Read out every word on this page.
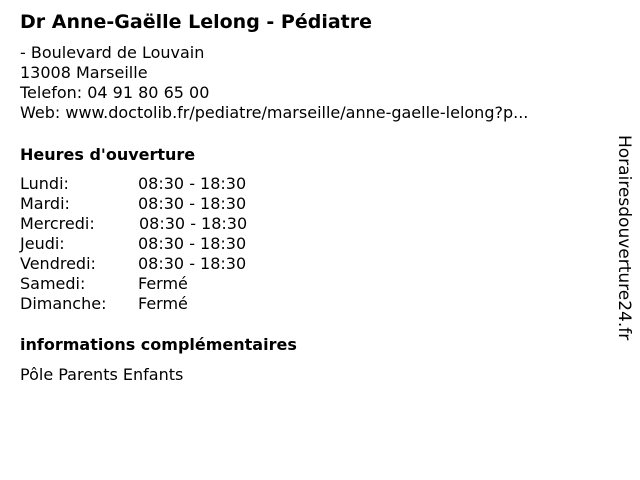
Dr Anne-Gaëlle Lelong - Pédiatre
- Boulevard de Louvain
13008 Marseille
Telefon: 04 91 80 65 00
Web: www.doctolib.fr/pediatre/marseille/anne-gaelle-lelong?p...
Heures d'ouverture
Lundi:	08:30 - 18:30
Mardi:	08:30 - 18:30
Mercredi:	08:30 - 18:30
Jeudi:	08:30 - 18:30
Vendredi:	08:30 - 18:30
Samedi:	Fermé
Dimanche: Fermé
informations complémentaires
Pôle Parents Enfants
Horairesdouverture24.fr
